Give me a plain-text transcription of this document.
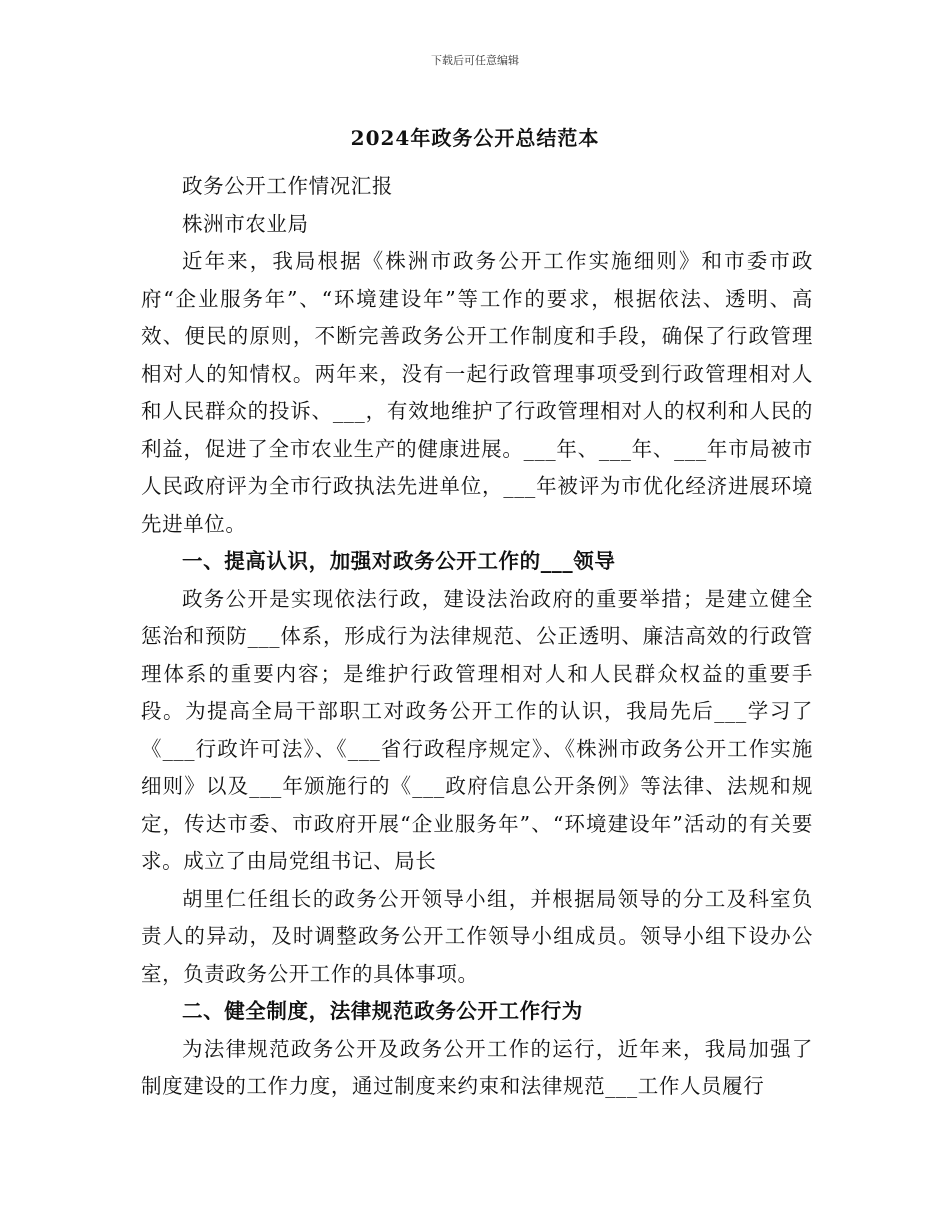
下载后可任意编辑
2024年政务公开总结范本

政务公开工作情况汇报

株洲市农业局

近年来，我局根据《株洲市政务公开工作实施细则》和市委市政府“企业服务年”、“环境建设年”等工作的要求，根据依法、透明、高效、便民的原则，不断完善政务公开工作制度和手段，确保了行政管理相对人的知情权。两年来，没有一起行政管理事项受到行政管理相对人和人民群众的投诉、___，有效地维护了行政管理相对人的权利和人民的利益，促进了全市农业生产的健康进展。___年、___年、___年市局被市人民政府评为全市行政执法先进单位，___年被评为市优化经济进展环境先进单位。

一、提高认识，加强对政务公开工作的___领导

政务公开是实现依法行政，建设法治政府的重要举措；是建立健全惩治和预防___体系，形成行为法律规范、公正透明、廉洁高效的行政管理体系的重要内容；是维护行政管理相对人和人民群众权益的重要手段。为提高全局干部职工对政务公开工作的认识，我局先后___学习了《___行政许可法》、《___省行政程序规定》、《株洲市政务公开工作实施细则》以及___年颁施行的《___政府信息公开条例》等法律、法规和规定，传达市委、市政府开展“企业服务年”、“环境建设年”活动的有关要求。成立了由局党组书记、局长

胡里仁任组长的政务公开领导小组，并根据局领导的分工及科室负责人的异动，及时调整政务公开工作领导小组成员。领导小组下设办公室，负责政务公开工作的具体事项。

二、健全制度，法律规范政务公开工作行为

为法律规范政务公开及政务公开工作的运行，近年来，我局加强了制度建设的工作力度，通过制度来约束和法律规范___工作人员履行
